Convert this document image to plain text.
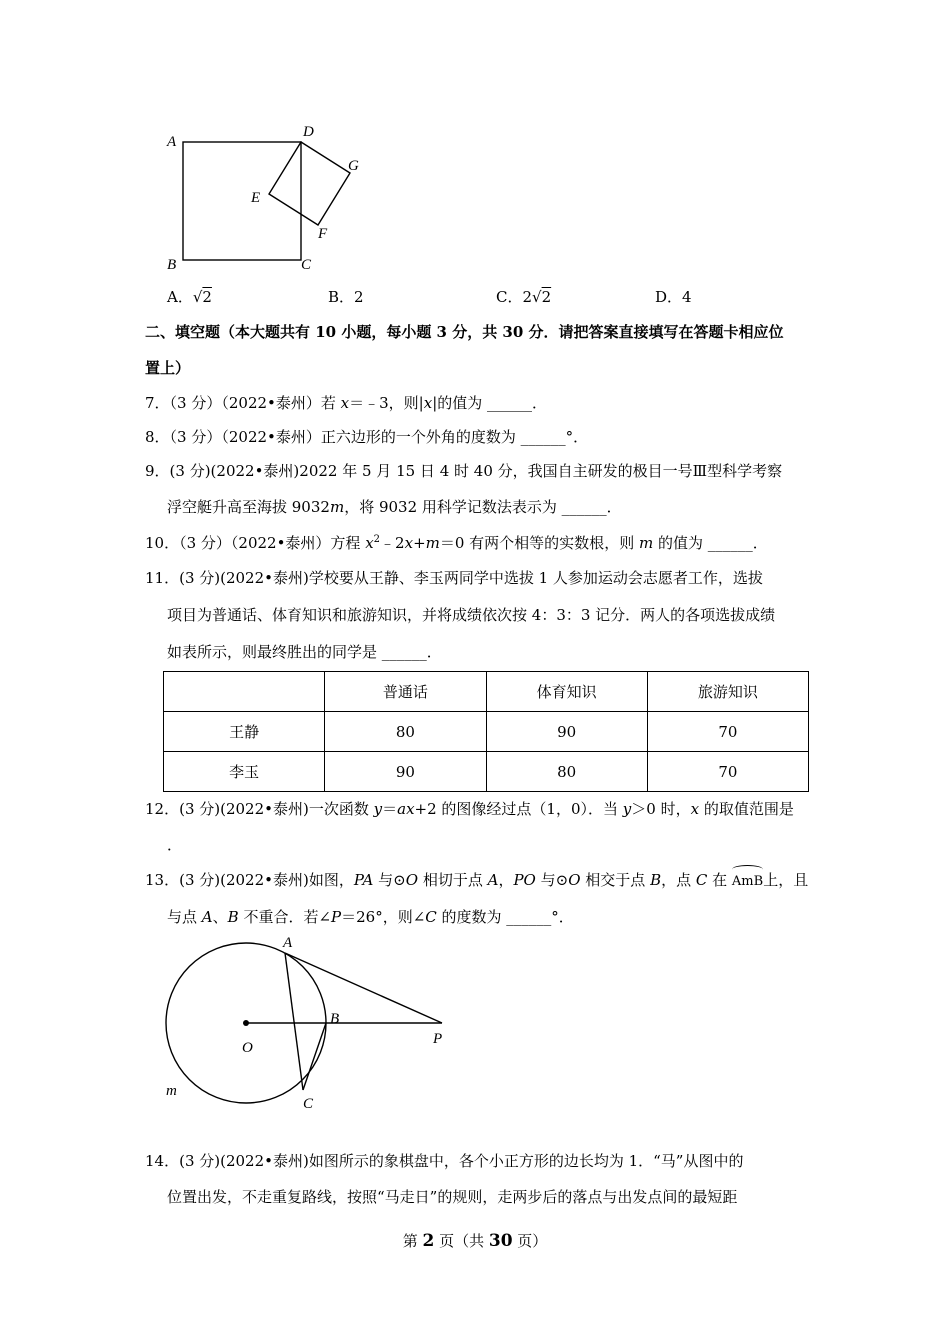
A
B	C
D
E
F
G
A．√2	B．2	C．2√2	D．4
二、填空题（本大题共有 10 小题，每小题 3 分，共 30 分．请把答案直接填写在答题卡相应位
置上）
7．（3 分）（2022•泰州）若 x＝﹣3，则|x|的值为 ______．
8．（3 分）（2022•泰州）正六边形的一个外角的度数为 ______°．
9．(3 分)(2022•泰州)2022 年 5 月 15 日 4 时 40 分，我国自主研发的极目一号Ⅲ型科学考察
浮空艇升高至海拔 9032m，将 9032 用科学记数法表示为 ______．
10．（3 分）（2022•泰州）方程 $x^2﹣2x+m=0$ 有两个相等的实数根，则 m 的值为 ______．
11．(3 分)(2022•泰州)学校要从王静、李玉两同学中选拔 1 人参加运动会志愿者工作，选拔
项目为普通话、体育知识和旅游知识，并将成绩依次按 4：3：3 记分．两人的各项选拔成绩
如表所示，则最终胜出的同学是 ______．
	普通话	体育知识	旅游知识
王静	80	90	70
李玉	90	80	70
12．(3 分)(2022•泰州)一次函数 y＝ax+2 的图像经过点（1，0）．当 y＞0 时，x 的取值范围是
．
13．(3 分)(2022•泰州)如图，PA 与⊙O 相切于点 A，PO 与⊙O 相交于点 B，点 C 在
AmB上，且
与点 A、B 不重合．若∠P＝26°，则∠C 的度数为 ______°．
A
B
O
P
C
m
14．(3 分)(2022•泰州)如图所示的象棋盘中，各个小正方形的边长均为 1．“马”从图中的
位置出发，不走重复路线，按照“马走日”的规则，走两步后的落点与出发点间的最短距
第 2 页（共 30 页）
